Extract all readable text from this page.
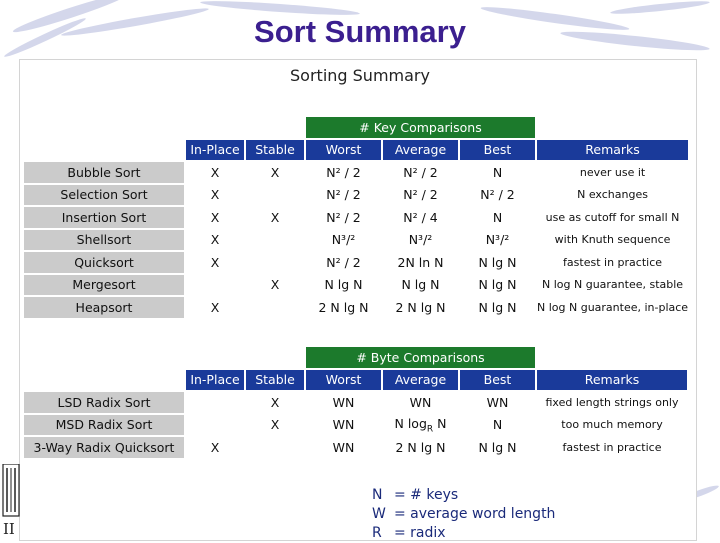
Sort Summary
Sorting Summary
II
			# Key Comparisons			
	In-Place	Stable	Worst	Average	Best	Remarks
Bubble Sort	X	X	N² / 2	N² / 2	N	never use it
Selection Sort	X		N² / 2	N² / 2	N² / 2	N exchanges
Insertion Sort	X	X	N² / 2	N² / 4	N	use as cutoff for small N
Shellsort	X		N³/²	N³/²	N³/²	with Knuth sequence
Quicksort	X		N² / 2	2N ln N	N lg N	fastest in practice
Mergesort		X	N lg N	N lg N	N lg N	N log N guarantee, stable
Heapsort	X		2 N lg N	2 N lg N	N lg N	N log N guarantee, in-place
			# Byte Comparisons			
	In-Place	Stable	Worst	Average	Best	Remarks
LSD Radix Sort		X	WN	WN	WN	fixed length strings only
MSD Radix Sort		X	WN	N $\log_R N$	N	too much memory
3-Way Radix Quicksort	X		WN	2 N lg N	N lg N	fastest in practice
N = # keys
W = average word length
R = radix
